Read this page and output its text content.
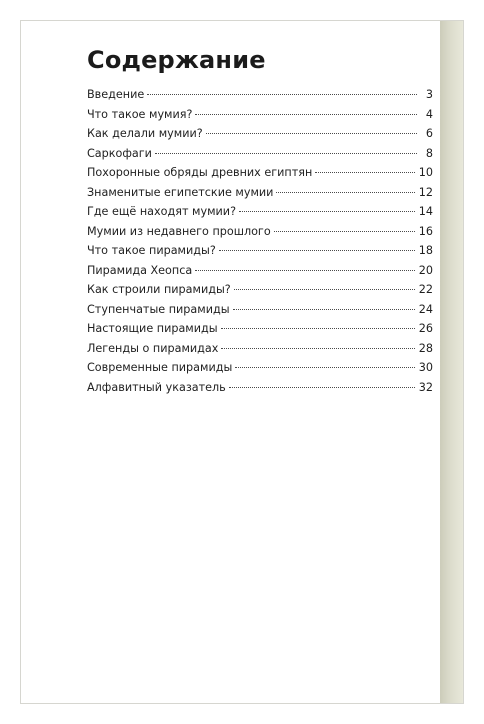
Содержание
Введение	3
Что такое мумия?	4
Как делали мумии?	6
Саркофаги	8
Похоронные обряды древних египтян	10
Знаменитые египетские мумии	12
Где ещё находят мумии?	14
Мумии из недавнего прошлого	16
Что такое пирамиды?	18
Пирамида Хеопса	20
Как строили пирамиды?	22
Ступенчатые пирамиды	24
Настоящие пирамиды	26
Легенды о пирамидах	28
Современные пирамиды	30
Алфавитный указатель	32
